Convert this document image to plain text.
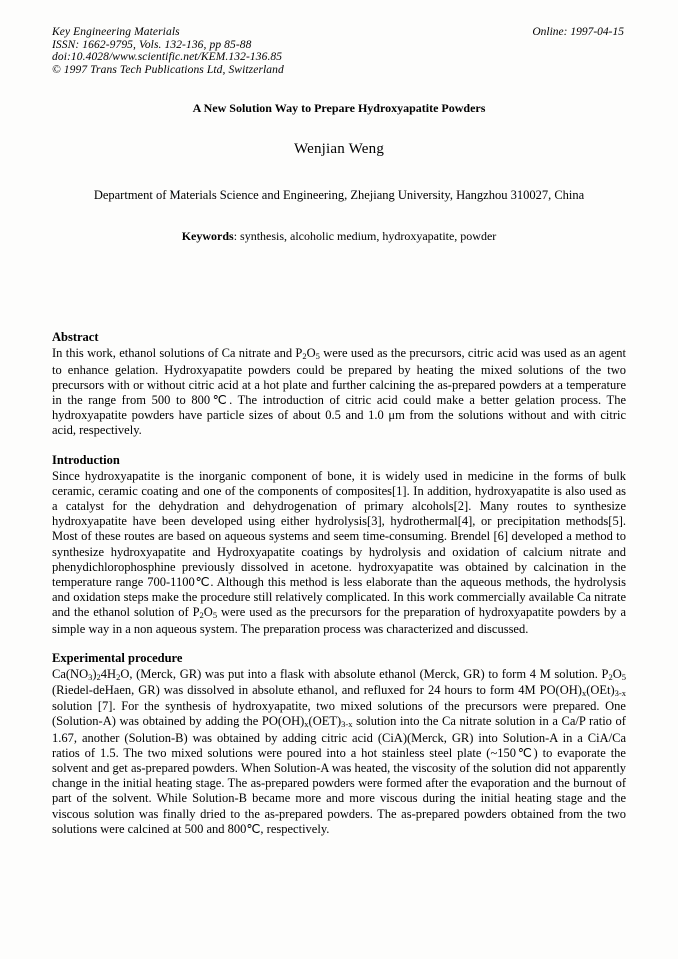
Key Engineering Materials
ISSN: 1662-9795, Vols. 132-136, pp 85-88
doi:10.4028/www.scientific.net/KEM.132-136.85
© 1997 Trans Tech Publications Ltd, Switzerland
Online: 1997-04-15
A New Solution Way to Prepare Hydroxyapatite Powders
Wenjian Weng
Department of Materials Science and Engineering, Zhejiang University, Hangzhou 310027, China
Keywords: synthesis, alcoholic medium, hydroxyapatite, powder
Abstract

In this work, ethanol solutions of Ca nitrate and $P_2O_5$ were used as the precursors, citric acid was used as an agent to enhance gelation. Hydroxyapatite powders could be prepared by heating the mixed solutions of the two precursors with or without citric acid at a hot plate and further calcining the as-prepared powders at a temperature in the range from 500 to 800℃. The introduction of citric acid could make a better gelation process. The hydroxyapatite powders have particle sizes of about 0.5 and 1.0 μm from the solutions without and with citric acid, respectively.

Introduction

Since hydroxyapatite is the inorganic component of bone, it is widely used in medicine in the forms of bulk ceramic, ceramic coating and one of the components of composites[1]. In addition, hydroxyapatite is also used as a catalyst for the dehydration and dehydrogenation of primary alcohols[2]. Many routes to synthesize hydroxyapatite have been developed using either hydrolysis[3], hydrothermal[4], or precipitation methods[5]. Most of these routes are based on aqueous systems and seem time-consuming. Brendel [6] developed a method to synthesize hydroxyapatite and Hydroxyapatite coatings by hydrolysis and oxidation of calcium nitrate and phenydichlorophosphine previously dissolved in acetone. hydroxyapatite was obtained by calcination in the temperature range 700-1100℃. Although this method is less elaborate than the aqueous methods, the hydrolysis and oxidation steps make the procedure still relatively complicated. In this work commercially available Ca nitrate and the ethanol solution of $P_2O_5$ were used as the precursors for the preparation of hydroxyapatite powders by a simple way in a non aqueous system. The preparation process was characterized and discussed.

Experimental procedure

$Ca(NO_3)_24H_2O$, (Merck, GR) was put into a flask with absolute ethanol (Merck, GR) to form 4 M solution. $P_2O_5$ (Riedel-deHaen, GR) was dissolved in absolute ethanol, and refluxed for 24 hours to form 4M $PO(OH)_x(OEt)_{3-x}$ solution [7]. For the synthesis of hydroxyapatite, two mixed solutions of the precursors were prepared. One (Solution-A) was obtained by adding the $PO(OH)_x(OET)_{3-x}$ solution into the Ca nitrate solution in a Ca/P ratio of 1.67, another (Solution-B) was obtained by adding citric acid (CiA)(Merck, GR) into Solution-A in a CiA/Ca ratios of 1.5. The two mixed solutions were poured into a hot stainless steel plate (~150℃) to evaporate the solvent and get as-prepared powders. When Solution-A was heated, the viscosity of the solution did not apparently change in the initial heating stage. The as-prepared powders were formed after the evaporation and the burnout of part of the solvent. While Solution-B became more and more viscous during the initial heating stage and the viscous solution was finally dried to the as-prepared powders. The as-prepared powders obtained from the two solutions were calcined at 500 and 800℃, respectively.
